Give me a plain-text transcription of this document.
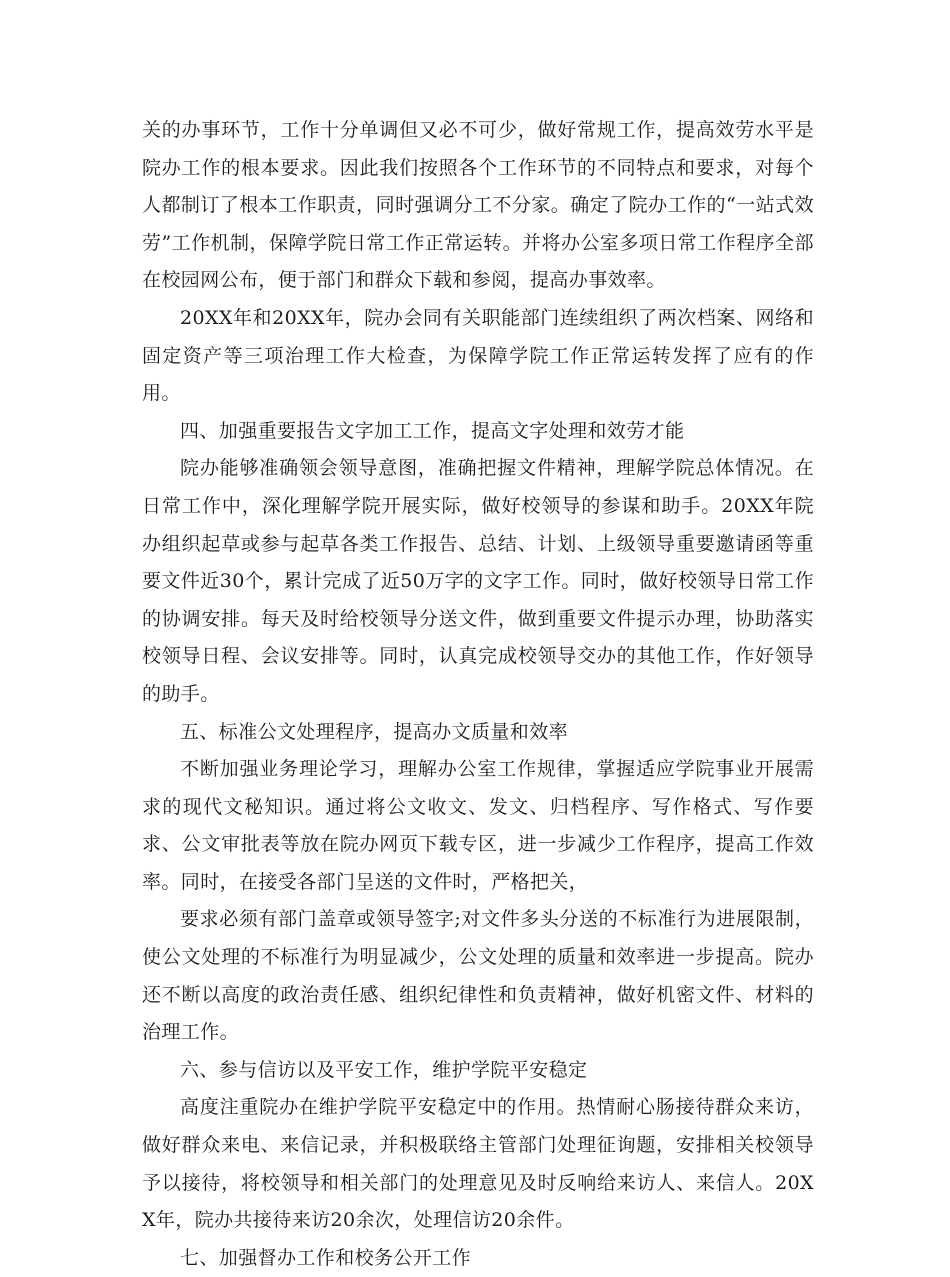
关的办事环节，工作十分单调但又必不可少，做好常规工作，提高效劳水平是院办工作的根本要求。因此我们按照各个工作环节的不同特点和要求，对每个人都制订了根本工作职责，同时强调分工不分家。确定了院办工作的“一站式效劳”工作机制，保障学院日常工作正常运转。并将办公室多项日常工作程序全部在校园网公布，便于部门和群众下载和参阅，提高办事效率。

20XX年和20XX年，院办会同有关职能部门连续组织了两次档案、网络和固定资产等三项治理工作大检查，为保障学院工作正常运转发挥了应有的作用。

四、加强重要报告文字加工工作，提高文字处理和效劳才能

院办能够准确领会领导意图，准确把握文件精神，理解学院总体情况。在日常工作中，深化理解学院开展实际，做好校领导的参谋和助手。20XX年院办组织起草或参与起草各类工作报告、总结、计划、上级领导重要邀请函等重要文件近30个，累计完成了近50万字的文字工作。同时，做好校领导日常工作的协调安排。每天及时给校领导分送文件，做到重要文件提示办理，协助落实校领导日程、会议安排等。同时，认真完成校领导交办的其他工作，作好领导的助手。

五、标准公文处理程序，提高办文质量和效率

不断加强业务理论学习，理解办公室工作规律，掌握适应学院事业开展需求的现代文秘知识。通过将公文收文、发文、归档程序、写作格式、写作要求、公文审批表等放在院办网页下载专区，进一步减少工作程序，提高工作效率。同时，在接受各部门呈送的文件时，严格把关，

要求必须有部门盖章或领导签字;对文件多头分送的不标准行为进展限制，使公文处理的不标准行为明显减少，公文处理的质量和效率进一步提高。院办还不断以高度的政治责任感、组织纪律性和负责精神，做好机密文件、材料的治理工作。

六、参与信访以及平安工作，维护学院平安稳定

高度注重院办在维护学院平安稳定中的作用。热情耐心肠接待群众来访，做好群众来电、来信记录，并积极联络主管部门处理征询题，安排相关校领导予以接待，将校领导和相关部门的处理意见及时反响给来访人、来信人。20XX年，院办共接待来访20余次，处理信访20余件。

七、加强督办工作和校务公开工作
